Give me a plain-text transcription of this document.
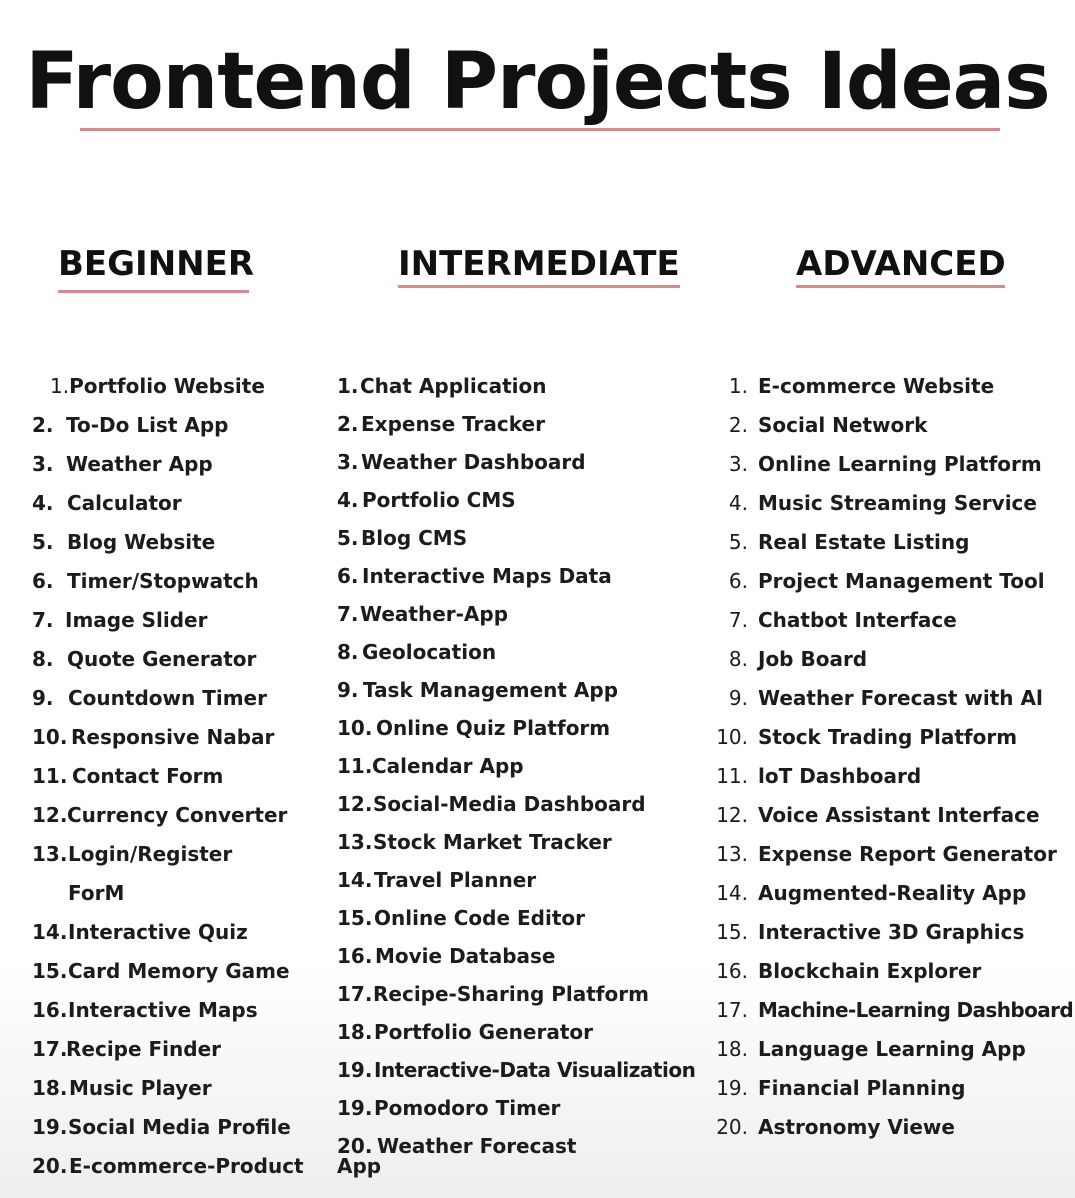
Frontend Projects Ideas
BEGINNER	INTERMEDIATE	ADVANCED
1.Portfolio Website
2. To-Do List App
3. Weather App
4. Calculator
5. Blog Website
6. Timer/Stopwatch
7. Image Slider
8. Quote Generator
9. Countdown Timer
10. Responsive Nabar
11. Contact Form
12.Currency Converter
13.Login/Register
ForM
14.Interactive Quiz
15.Card Memory Game
16.Interactive Maps
17.Recipe Finder
18.Music Player
19.Social Media Profile
20.E-commerce-Product
1.Chat Application
2. Expense Tracker
3. Weather Dashboard
4. Portfolio CMS
5. Blog CMS
6. Interactive Maps Data
7.Weather-App
8. Geolocation
9. Task Management App
10. Online Quiz Platform
11.Calendar App
12.Social-Media Dashboard
13.Stock Market Tracker
14.Travel Planner
15.Online Code Editor
16. Movie Database
17.Recipe-Sharing Platform
18.Portfolio Generator
19.Interactive-Data Visualization
19.Pomodoro Timer
20. Weather Forecast
App
1. E-commerce Website
2. Social Network
3. Online Learning Platform
4. Music Streaming Service
5. Real Estate Listing
6. Project Management Tool
7. Chatbot Interface
8. Job Board
9. Weather Forecast with Al
10. Stock Trading Platform
11. loT Dashboard
12. Voice Assistant Interface
13. Expense Report Generator
14. Augmented-Reality App
15. Interactive 3D Graphics
16. Blockchain Explorer
17. Machine-Learning Dashboard
18. Language Learning App
19. Financial Planning
20. Astronomy Viewe
